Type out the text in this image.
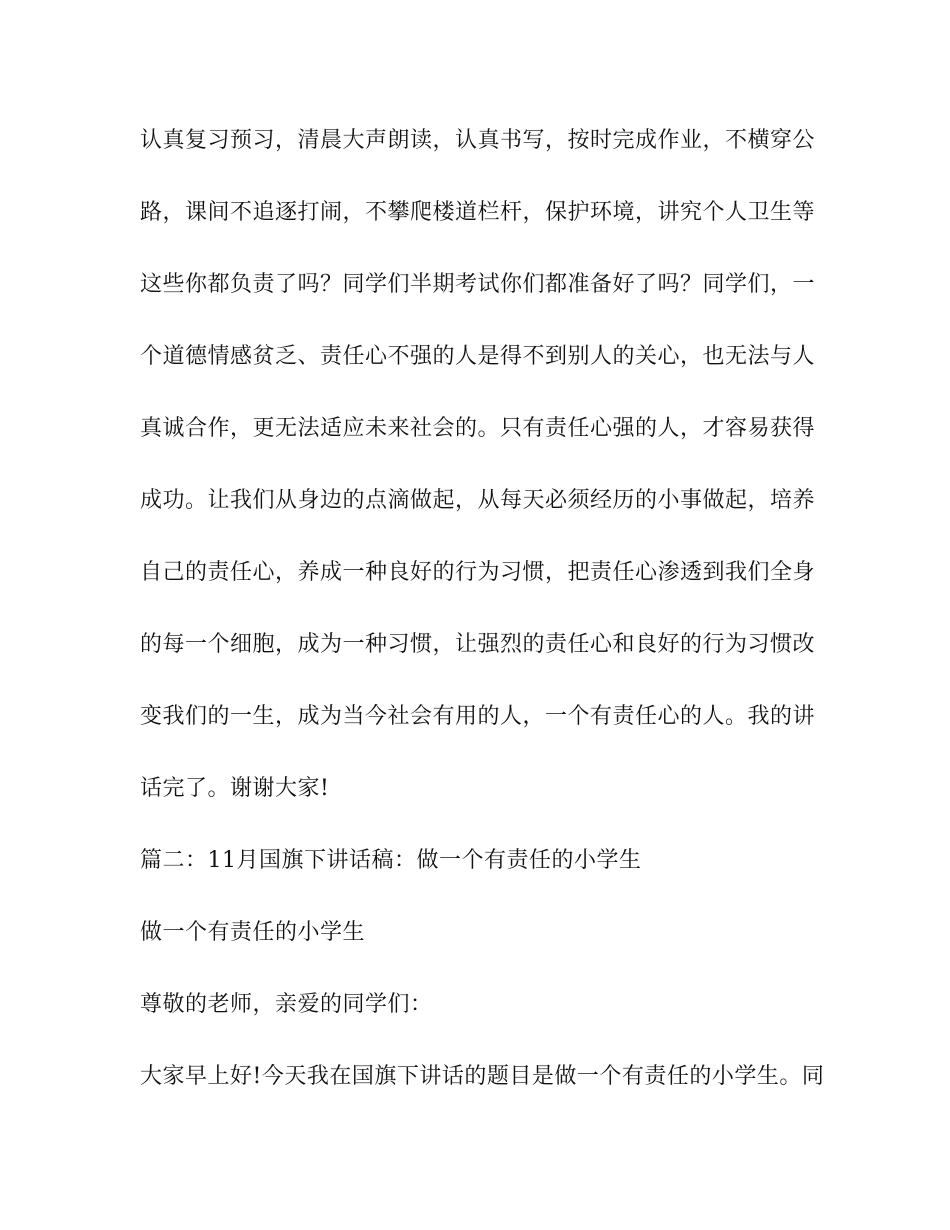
认真复习预习，清晨大声朗读，认真书写，按时完成作业，不横穿公
路，课间不追逐打闹，不攀爬楼道栏杆，保护环境，讲究个人卫生等
这些你都负责了吗？同学们半期考试你们都准备好了吗？同学们，一
个道德情感贫乏、责任心不强的人是得不到别人的关心，也无法与人
真诚合作，更无法适应未来社会的。只有责任心强的人，才容易获得
成功。让我们从身边的点滴做起，从每天必须经历的小事做起，培养
自己的责任心，养成一种良好的行为习惯，把责任心渗透到我们全身
的每一个细胞，成为一种习惯，让强烈的责任心和良好的行为习惯改
变我们的一生，成为当今社会有用的人，一个有责任心的人。我的讲
话完了。谢谢大家!
篇二：11月国旗下讲话稿：做一个有责任的小学生
做一个有责任的小学生
尊敬的老师，亲爱的同学们：
大家早上好!今天我在国旗下讲话的题目是做一个有责任的小学生。同
